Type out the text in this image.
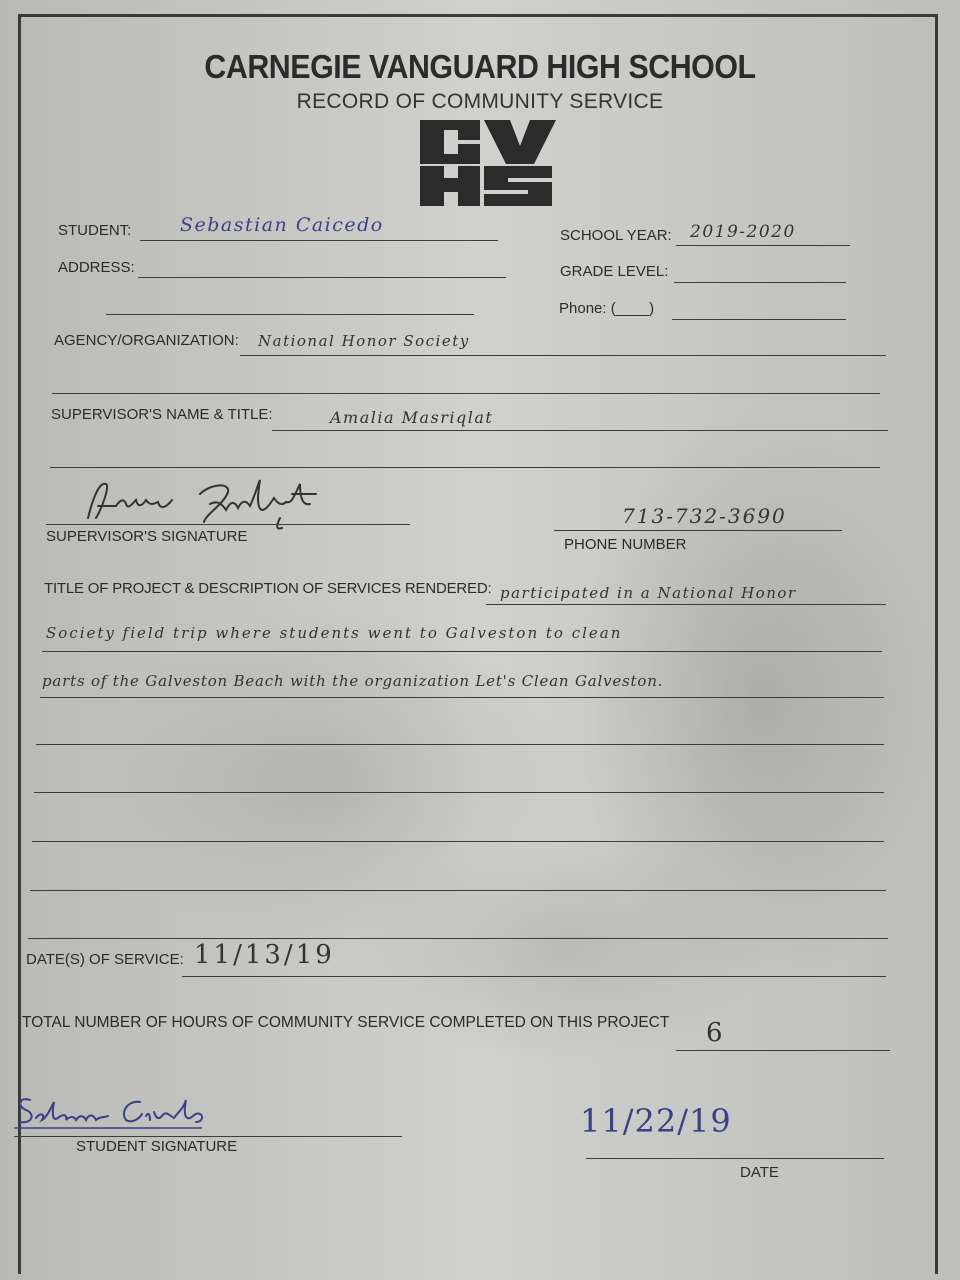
CARNEGIE VANGUARD HIGH SCHOOL
RECORD OF COMMUNITY SERVICE
STUDENT:	Sebastian Caicedo	SCHOOL YEAR: 2019-2020
ADDRESS:	GRADE LEVEL:
Phone: (____)
AGENCY/ORGANIZATION: National Honor Society
SUPERVISOR'S NAME & TITLE:	Amalia Masriqlat
SUPERVISOR'S SIGNATURE
713-732-3690
PHONE NUMBER
TITLE OF PROJECT & DESCRIPTION OF SERVICES RENDERED: participated in a National Honor
Society field trip where students went to Galveston to clean
parts of the Galveston Beach with the organization Let's Clean Galveston.
DATE(S) OF SERVICE: 11/13/19
TOTAL NUMBER OF HOURS OF COMMUNITY SERVICE COMPLETED ON THIS PROJECT 6
STUDENT SIGNATURE
11/22/19
DATE
